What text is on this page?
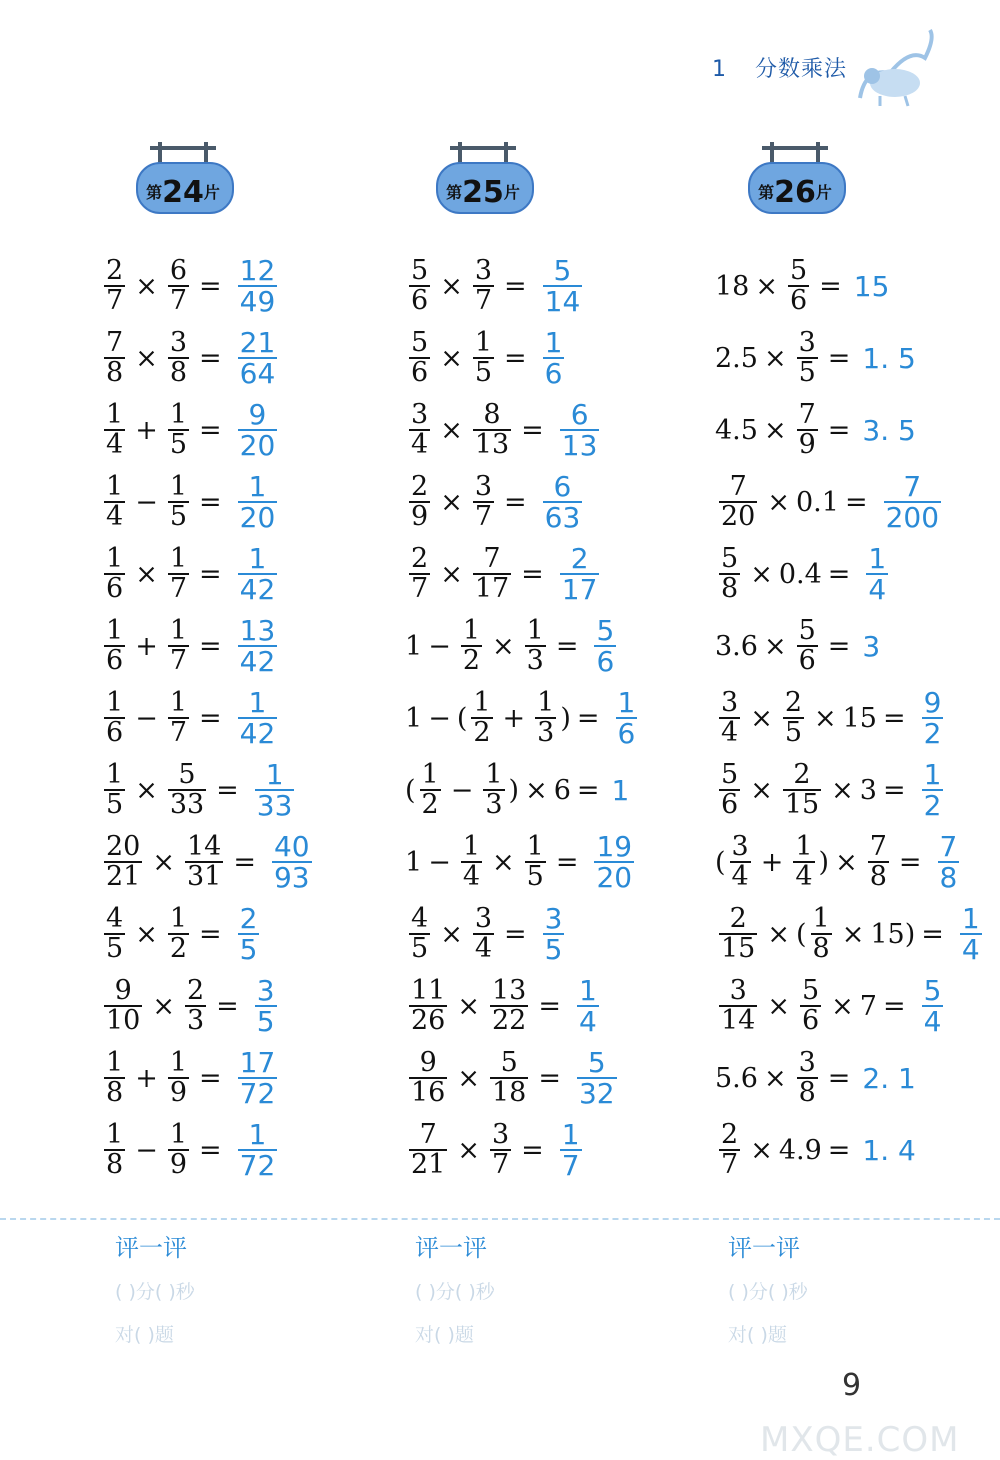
1 分数乘法
第24片	第25片	第26片
$\frac{2}{7} \times \frac{6}{7} = \frac{12}{49}$
$\frac{7}{8} \times \frac{3}{8} = \frac{21}{64}$
$\frac{1}{4} + \frac{1}{5} = \frac{9}{20}$
$\frac{1}{4} - \frac{1}{5} = \frac{1}{20}$
$\frac{1}{6} \times \frac{1}{7} = \frac{1}{42}$
$\frac{1}{6} + \frac{1}{7} = \frac{13}{42}$
$\frac{1}{6} - \frac{1}{7} = \frac{1}{42}$
$\frac{1}{5} \times \frac{5}{33} = \frac{1}{33}$
$\frac{20}{21} \times \frac{14}{31} = \frac{40}{93}$
$\frac{4}{5} \times \frac{1}{2} = \frac{2}{5}$
$\frac{9}{10} \times \frac{2}{3} = \frac{3}{5}$
$\frac{1}{8} + \frac{1}{9} = \frac{17}{72}$
$\frac{1}{8} - \frac{1}{9} = \frac{1}{72}$
$\frac{5}{6} \times \frac{3}{7} = \frac{5}{14}$
$\frac{5}{6} \times \frac{1}{5} = \frac{1}{6}$
$\frac{3}{4} \times \frac{8}{13} = \frac{6}{13}$
$\frac{2}{9} \times \frac{3}{7} = \frac{6}{63}$
$\frac{2}{7} \times \frac{7}{17} = \frac{2}{17}$
$1 - \frac{1}{2} \times \frac{1}{3} = \frac{5}{6}$
1 − ( $\frac{1}{2} + \frac{1}{3}$ ) = $\frac{1}{6}$
( $\frac{1}{2} - \frac{1}{3}$ ) × 6 = 1
$1 - \frac{1}{4} \times \frac{1}{5} = \frac{19}{20}$
$\frac{4}{5} \times \frac{3}{4} = \frac{3}{5}$
$\frac{11}{26} \times \frac{13}{22} = \frac{1}{4}$
$\frac{9}{16} \times \frac{5}{18} = \frac{5}{32}$
$\frac{7}{21} \times \frac{3}{7} = \frac{1}{7}$
$18 \times \frac{5}{6} = 15$
$2.5 \times \frac{3}{5} = 1$. 5
$4.5 \times \frac{7}{9} = 3$. 5
$\frac{7}{20} \times 0.1 = \frac{7}{200}$
$\frac{5}{8} \times 0.4 = \frac{1}{4}$
$3.6 \times \frac{5}{6} = 3$
$\frac{3}{4} \times \frac{2}{5} \times 15 = \frac{9}{2}$
$\frac{5}{6} \times \frac{2}{15} \times 3 = \frac{1}{2}$
( $\frac{3}{4} + \frac{1}{4}$ ) × $\frac{7}{8} = \frac{7}{8}$
$\frac{2}{15}$ × ( $\frac{1}{8} \times 15$ ) = $\frac{1}{4}$
$\frac{3}{14} \times \frac{5}{6} \times 7 = \frac{5}{4}$
$5.6 \times \frac{3}{8} = 2$. 1
$\frac{2}{7} \times 4.9 = 1$. 4
评一评
( )分( )秒
对( )题
评一评
( )分( )秒
对( )题
评一评
( )分( )秒
对( )题
9
MXQE.COM
